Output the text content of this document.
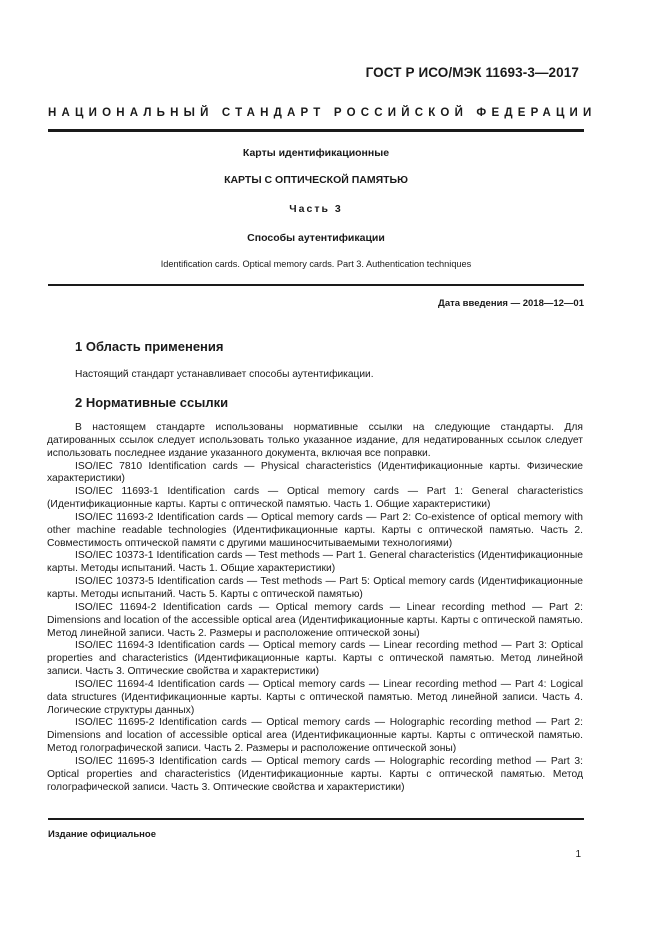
ГОСТ Р ИСО/МЭК 11693-3—2017
НАЦИОНАЛЬНЫЙ СТАНДАРТ РОССИЙСКОЙ ФЕДЕРАЦИИ
Карты идентификационные
КАРТЫ С ОПТИЧЕСКОЙ ПАМЯТЬЮ
Часть 3
Способы аутентификации
Identification cards. Optical memory cards. Part 3. Authentication techniques
Дата введения — 2018—12—01
1 Область применения
Настоящий стандарт устанавливает способы аутентификации.
2 Нормативные ссылки

В настоящем стандарте использованы нормативные ссылки на следующие стандарты. Для датированных ссылок следует использовать только указанное издание, для недатированных ссылок следует использовать последнее издание указанного документа, включая все поправки.

ISO/IEC 7810 Identification cards — Physical characteristics (Идентификационные карты. Физические характеристики)

ISO/IEC 11693-1 Identification cards — Optical memory cards — Part 1: General characteristics (Идентификационные карты. Карты с оптической памятью. Часть 1. Общие характеристики)

ISO/IEC 11693-2 Identification cards — Optical memory cards — Part 2: Co-existence of optical memory with other machine readable technologies (Идентификационные карты. Карты с оптической памятью. Часть 2. Совместимость оптической памяти с другими машиносчитываемыми технологиями)

ISO/IEC 10373-1 Identification cards — Test methods — Part 1. General characteristics (Идентификационные карты. Методы испытаний. Часть 1. Общие характеристики)

ISO/IEC 10373-5 Identification cards — Test methods — Part 5: Optical memory cards (Идентификационные карты. Методы испытаний. Часть 5. Карты с оптической памятью)

ISO/IEC 11694-2 Identification cards — Optical memory cards — Linear recording method — Part 2: Dimensions and location of the accessible optical area (Идентификационные карты. Карты с оптической памятью. Метод линейной записи. Часть 2. Размеры и расположение оптической зоны)

ISO/IEC 11694-3 Identification cards — Optical memory cards — Linear recording method — Part 3: Optical properties and characteristics (Идентификационные карты. Карты с оптической памятью. Метод линейной записи. Часть 3. Оптические свойства и характеристики)

ISO/IEC 11694-4 Identification cards — Optical memory cards — Linear recording method — Part 4: Logical data structures (Идентификационные карты. Карты с оптической памятью. Метод линейной записи. Часть 4. Логические структуры данных)

ISO/IEC 11695-2 Identification cards — Optical memory cards — Holographic recording method — Part 2: Dimensions and location of accessible optical area (Идентификационные карты. Карты с оптической памятью. Метод голографической записи. Часть 2. Размеры и расположение оптической зоны)

ISO/IEC 11695-3 Identification cards — Optical memory cards — Holographic recording method — Part 3: Optical properties and characteristics (Идентификационные карты. Карты с оптической памятью. Метод голографической записи. Часть 3. Оптические свойства и характеристики)

Издание официальное
1
